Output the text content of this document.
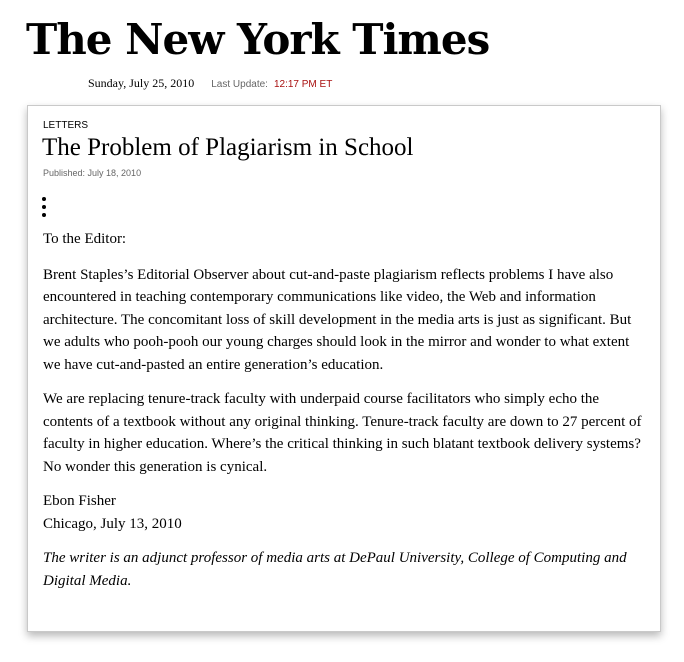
The New York Times
Sunday, July 25, 2010 Last Update: 12:17 PM ET
LETTERS
The Problem of Plagiarism in School
Published: July 18, 2010

To the Editor:

Brent Staples’s Editorial Observer about cut-and-paste plagiarism reflects problems I have also encountered in teaching contemporary communications like video, the Web and information architecture. The concomitant loss of skill development in the media arts is just as significant. But we adults who pooh-pooh our young charges should look in the mirror and wonder to what extent we have cut-and-pasted an entire generation’s education.

We are replacing tenure-track faculty with underpaid course facilitators who simply echo the contents of a textbook without any original thinking. Tenure-track faculty are down to 27 percent of faculty in higher education. Where’s the critical thinking in such blatant textbook delivery systems? No wonder this generation is cynical.

Ebon Fisher
Chicago, July 13, 2010

The writer is an adjunct professor of media arts at DePaul University, College of Computing and Digital Media.
